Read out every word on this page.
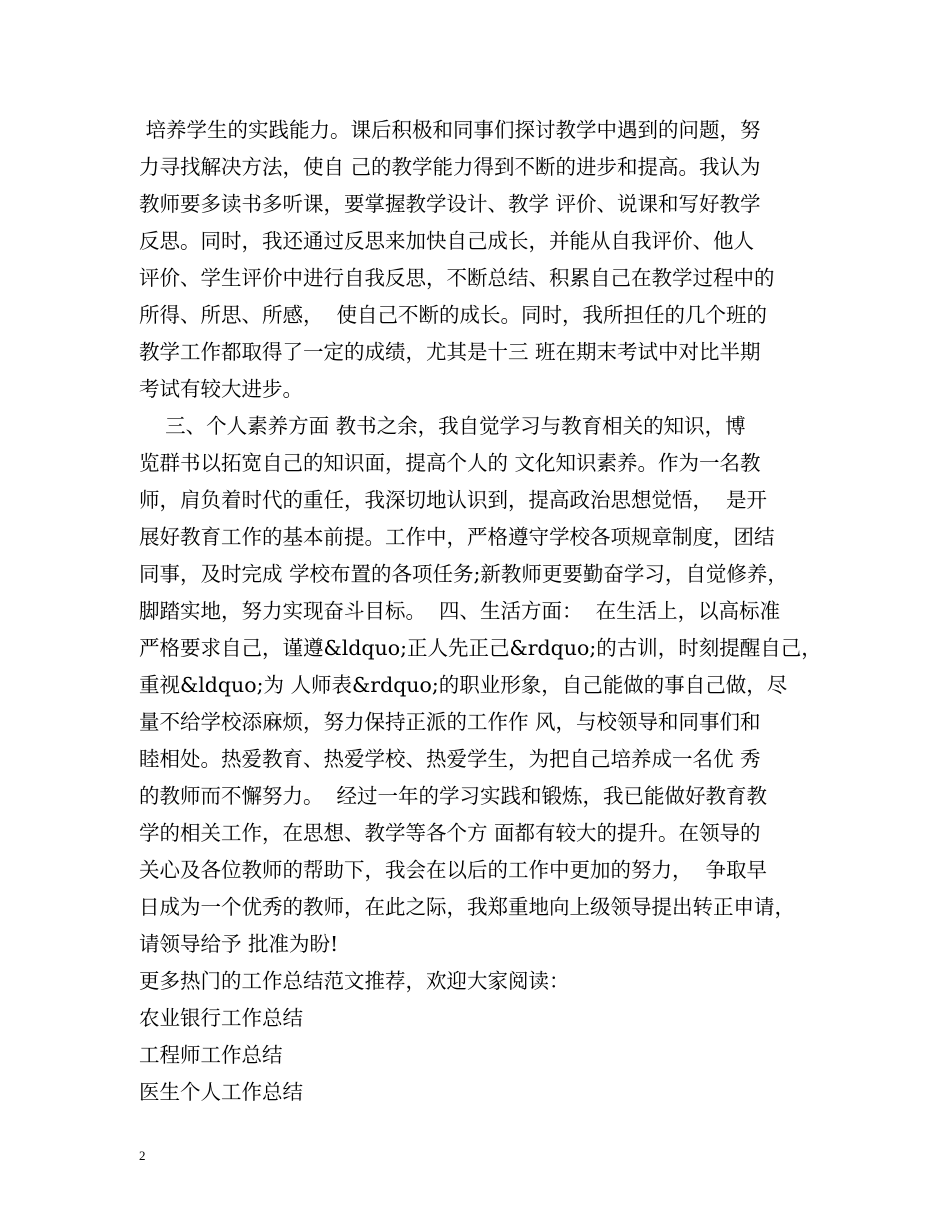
培养学生的实践能力。课后积极和同事们探讨教学中遇到的问题，努
力寻找解决方法，使自 己的教学能力得到不断的进步和提高。我认为
教师要多读书多听课，要掌握教学设计、教学 评价、说课和写好教学
反思。同时，我还通过反思来加快自己成长，并能从自我评价、他人
评价、学生评价中进行自我反思，不断总结、积累自己在教学过程中的
所得、所思、所感，  使自己不断的成长。同时，我所担任的几个班的
教学工作都取得了一定的成绩，尤其是十三 班在期末考试中对比半期
考试有较大进步。
三、个人素养方面 教书之余，我自觉学习与教育相关的知识，博
览群书以拓宽自己的知识面，提高个人的 文化知识素养。作为一名教
师，肩负着时代的重任，我深切地认识到，提高政治思想觉悟，  是开
展好教育工作的基本前提。工作中，严格遵守学校各项规章制度，团结
同事，及时完成 学校布置的各项任务;新教师更要勤奋学习，自觉修养，
脚踏实地，努力实现奋斗目标。  四、生活方面：  在生活上，以高标准
严格要求自己，谨遵&ldquo;正人先正己&rdquo;的古训，时刻提醒自己，
重视&ldquo;为 人师表&rdquo;的职业形象，自己能做的事自己做，尽
量不给学校添麻烦，努力保持正派的工作作 风，与校领导和同事们和
睦相处。热爱教育、热爱学校、热爱学生，为把自己培养成一名优 秀
的教师而不懈努力。  经过一年的学习实践和锻炼，我已能做好教育教
学的相关工作，在思想、教学等各个方 面都有较大的提升。在领导的
关心及各位教师的帮助下，我会在以后的工作中更加的努力，  争取早
日成为一个优秀的教师，在此之际，我郑重地向上级领导提出转正申请，
请领导给予 批准为盼!
更多热门的工作总结范文推荐，欢迎大家阅读：
农业银行工作总结
工程师工作总结
医生个人工作总结
2
